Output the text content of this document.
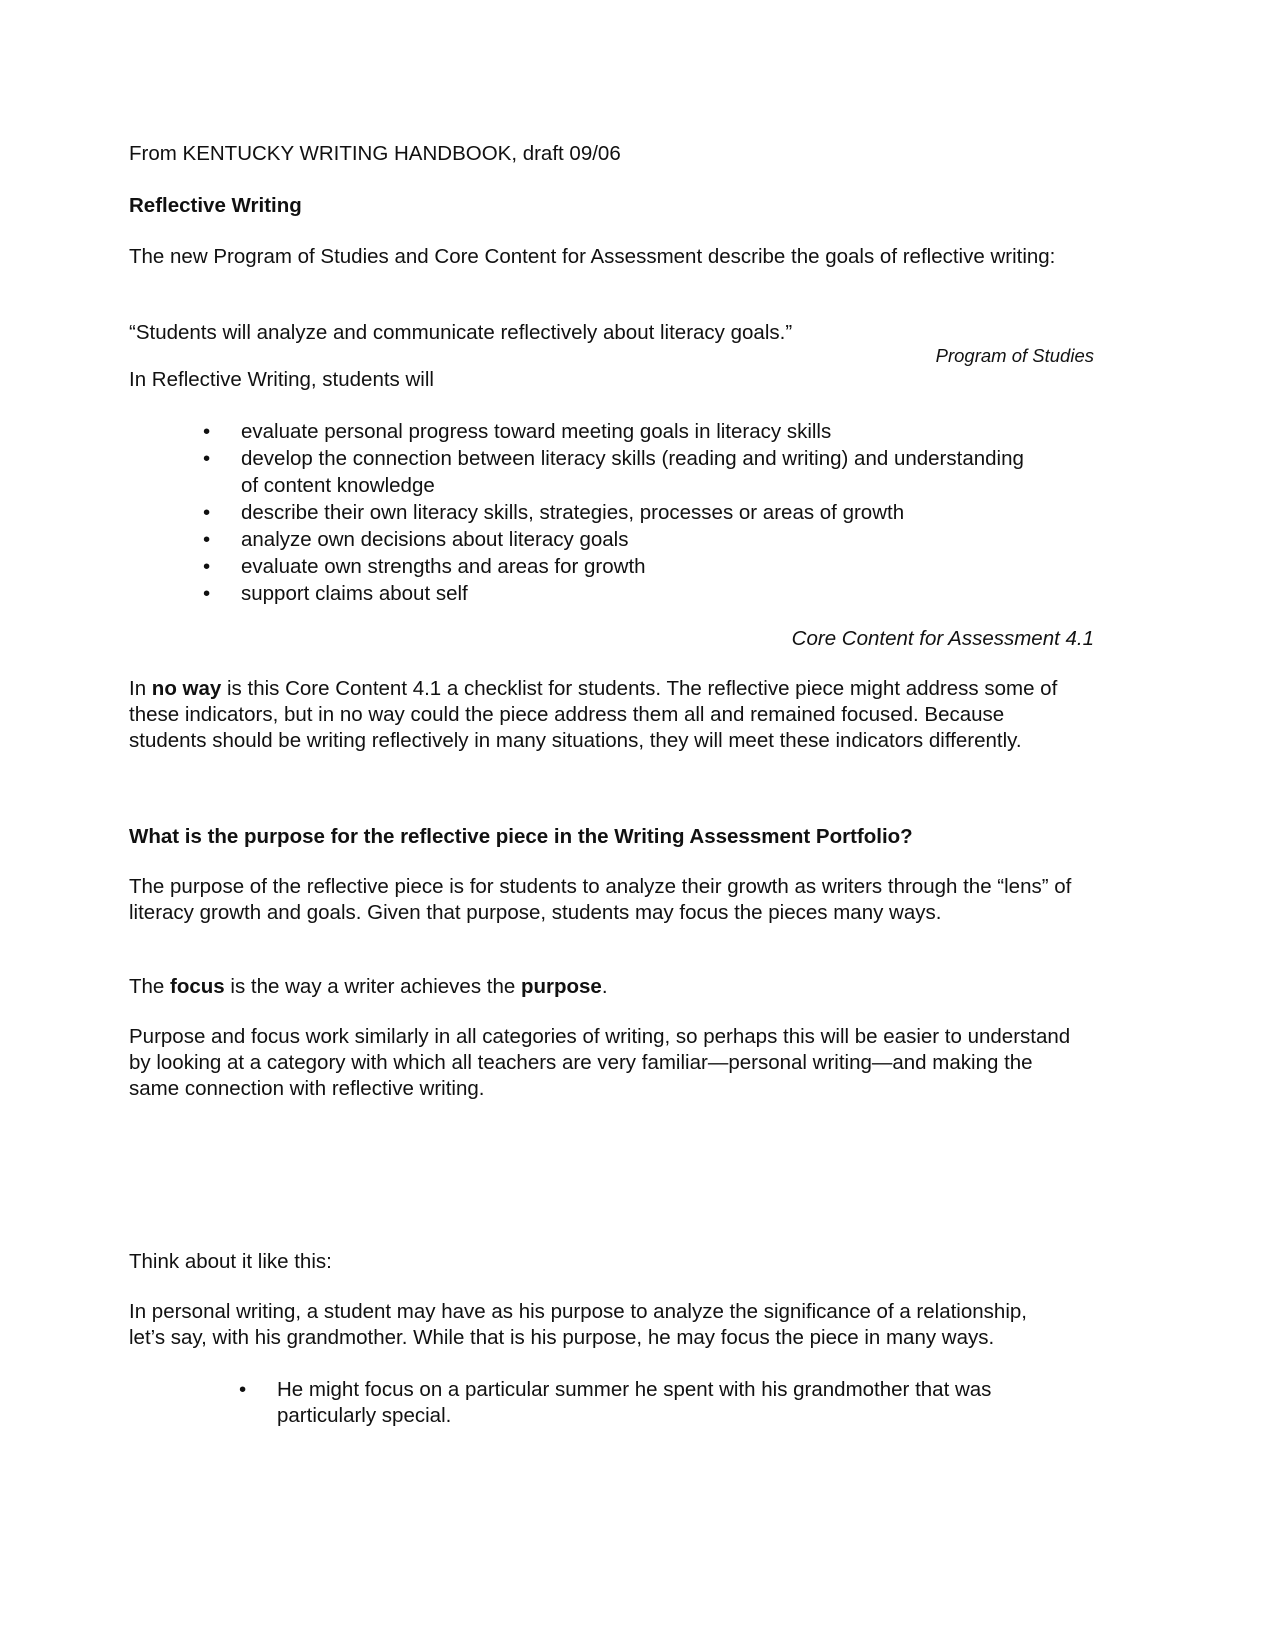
From KENTUCKY WRITING HANDBOOK, draft 09/06

Reflective Writing

The new Program of Studies and Core Content for Assessment describe the goals of reflective writing:

“Students will analyze and communicate reflectively about literacy goals.”

Program of Studies

In Reflective Writing, students will

• evaluate personal progress toward meeting goals in literacy skills
• develop the connection between literacy skills (reading and writing) and understanding of content knowledge
• describe their own literacy skills, strategies, processes or areas of growth
• analyze own decisions about literacy goals
• evaluate own strengths and areas for growth
• support claims about self

Core Content for Assessment 4.1

In no way is this Core Content 4.1 a checklist for students. The reflective piece might address some of these indicators, but in no way could the piece address them all and remained focused. Because students should be writing reflectively in many situations, they will meet these indicators differently.

What is the purpose for the reflective piece in the Writing Assessment Portfolio?

The purpose of the reflective piece is for students to analyze their growth as writers through the “lens” of literacy growth and goals. Given that purpose, students may focus the pieces many ways.

The focus is the way a writer achieves the purpose.

Purpose and focus work similarly in all categories of writing, so perhaps this will be easier to understand by looking at a category with which all teachers are very familiar—personal writing—and making the same connection with reflective writing.

Think about it like this:

In personal writing, a student may have as his purpose to analyze the significance of a relationship, let’s say, with his grandmother. While that is his purpose, he may focus the piece in many ways.

• He might focus on a particular summer he spent with his grandmother that was particularly special.
